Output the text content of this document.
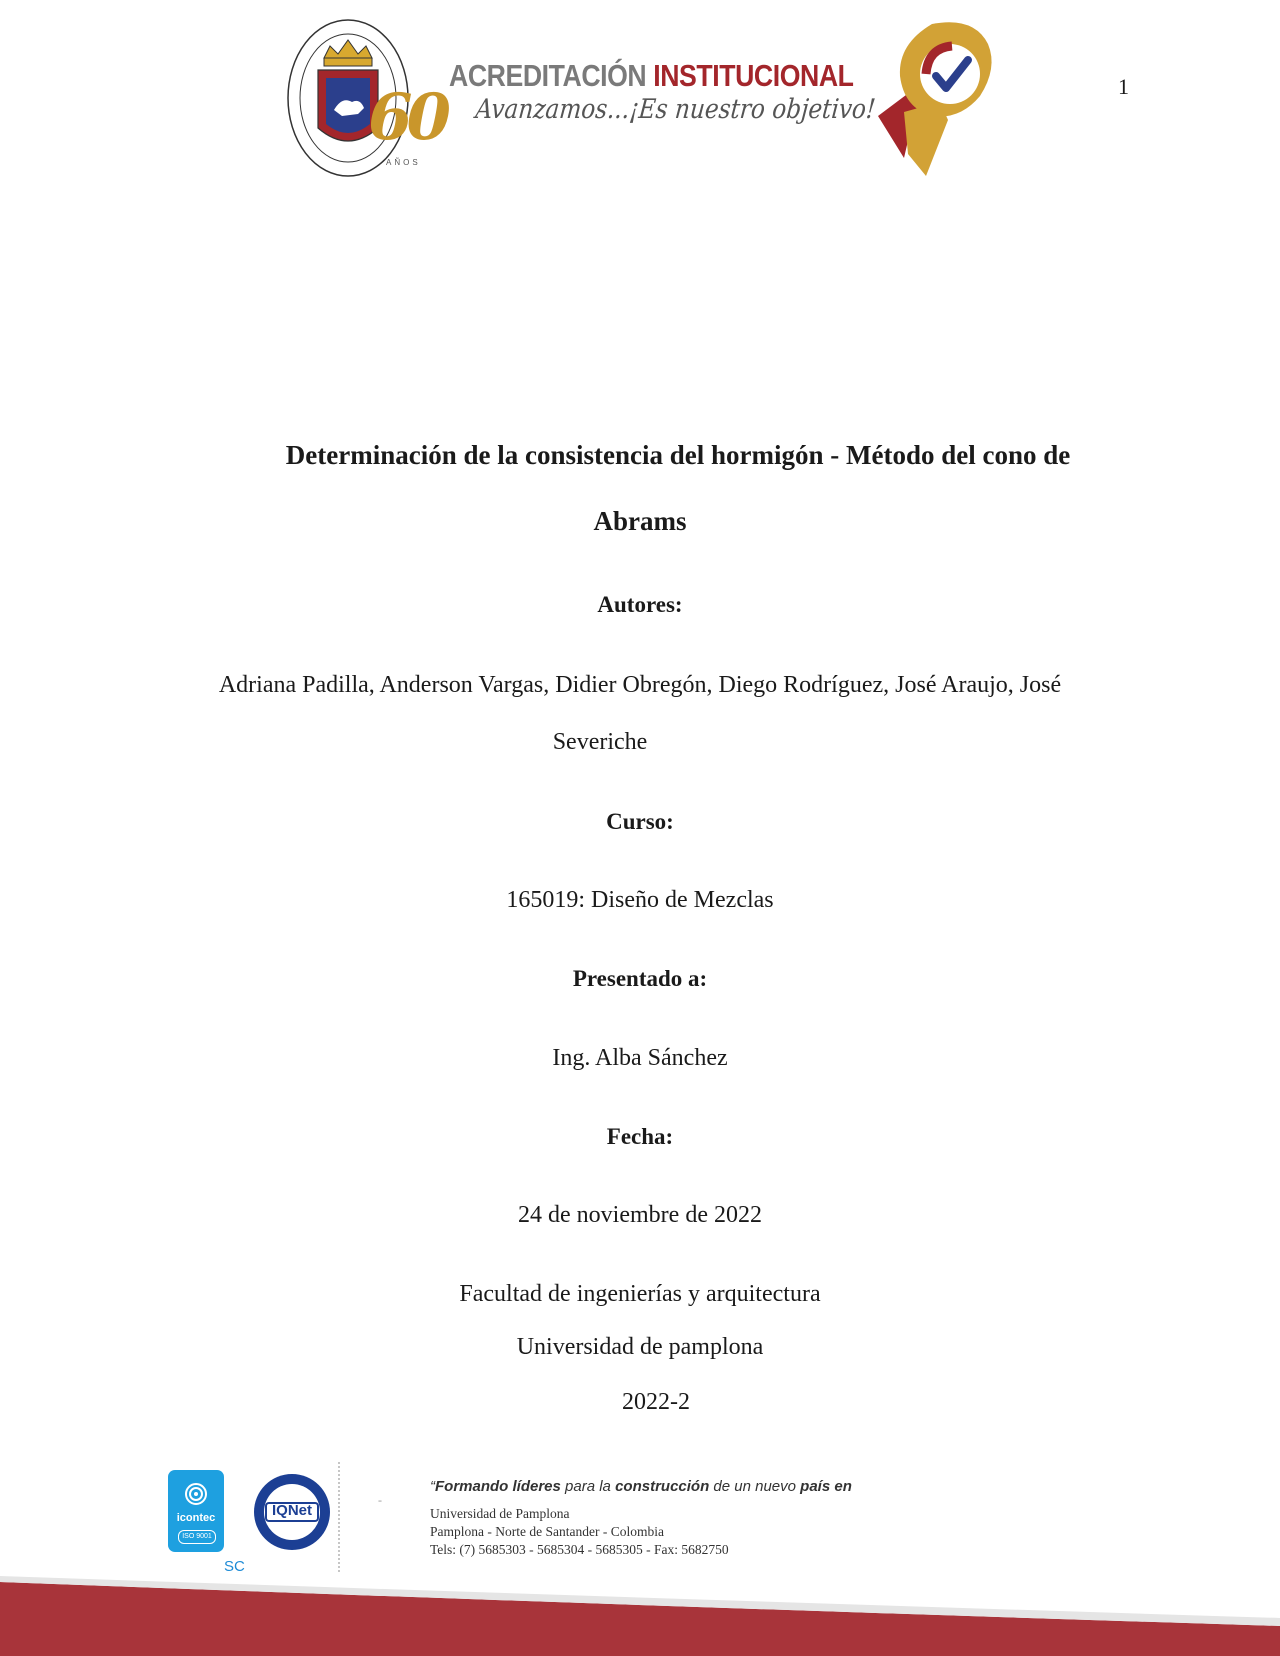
1
60
AÑOS
ACREDITACIÓN INSTITUCIONAL
Avanzamos...¡Es nuestro objetivo!
Determinación de la consistencia del hormigón - Método del cono de
Abrams
Autores:
Adriana Padilla, Anderson Vargas, Didier Obregón, Diego Rodríguez, José Araujo, José
Severiche
Curso:
165019: Diseño de Mezclas
Presentado a:
Ing. Alba Sánchez
Fecha:
24 de noviembre de 2022
Facultad de ingenierías y arquitectura
Universidad de pamplona
2022-2
icontec
ISO 9001
SC
IQNet
-
“Formando líderes para la construcción de un nuevo país en
Universidad de Pamplona
Pamplona - Norte de Santander - Colombia
Tels: (7) 5685303 - 5685304 - 5685305 - Fax: 5682750
